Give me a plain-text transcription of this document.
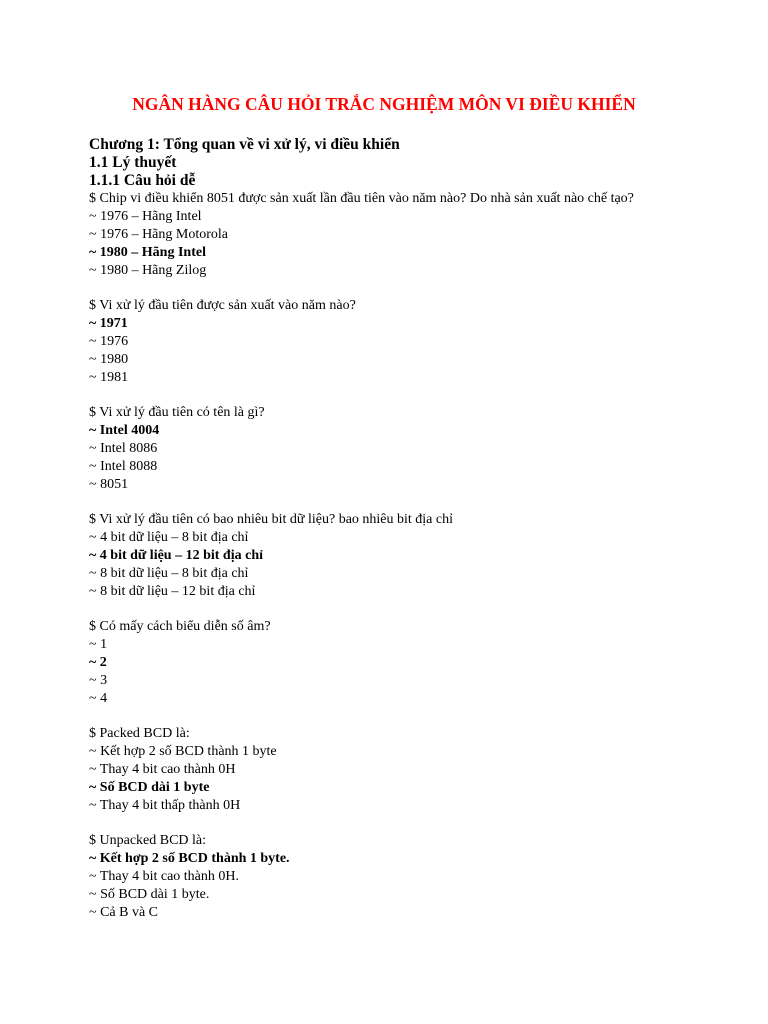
NGÂN HÀNG CÂU HỎI TRẮC NGHIỆM MÔN VI ĐIỀU KHIỂN
Chương 1: Tổng quan về vi xử lý, vi điều khiển
1.1 Lý thuyết
1.1.1 Câu hỏi dễ
$ Chip vi điều khiển 8051 được sản xuất lần đầu tiên vào năm nào? Do nhà sản xuất nào chế tạo?
~ 1976 – Hãng Intel
~ 1976 – Hãng Motorola
~ 1980 – Hãng Intel
~ 1980 – Hãng Zilog
$ Vi xử lý đầu tiên được sản xuất vào năm nào?
~ 1971
~ 1976
~ 1980
~ 1981
$ Vi xử lý đầu tiên có tên là gì?
~ Intel 4004
~ Intel 8086
~ Intel 8088
~ 8051
$ Vi xử lý đầu tiên có bao nhiêu bit dữ liệu? bao nhiêu bit địa chỉ
~ 4 bit dữ liệu – 8 bit địa chỉ
~ 4 bit dữ liệu – 12 bit địa chỉ
~ 8 bit dữ liệu – 8 bit địa chỉ
~ 8 bit dữ liệu – 12 bit địa chỉ
$ Có mấy cách biểu diễn số âm?
~ 1
~ 2
~ 3
~ 4
$ Packed BCD là:
~ Kết hợp 2 số BCD thành 1 byte
~ Thay 4 bit cao thành 0H
~ Số BCD dài 1 byte
~ Thay 4 bit thấp thành 0H
$ Unpacked BCD là:
~ Kết hợp 2 số BCD thành 1 byte.
~ Thay 4 bit cao thành 0H.
~ Số BCD dài 1 byte.
~ Cả B và C
